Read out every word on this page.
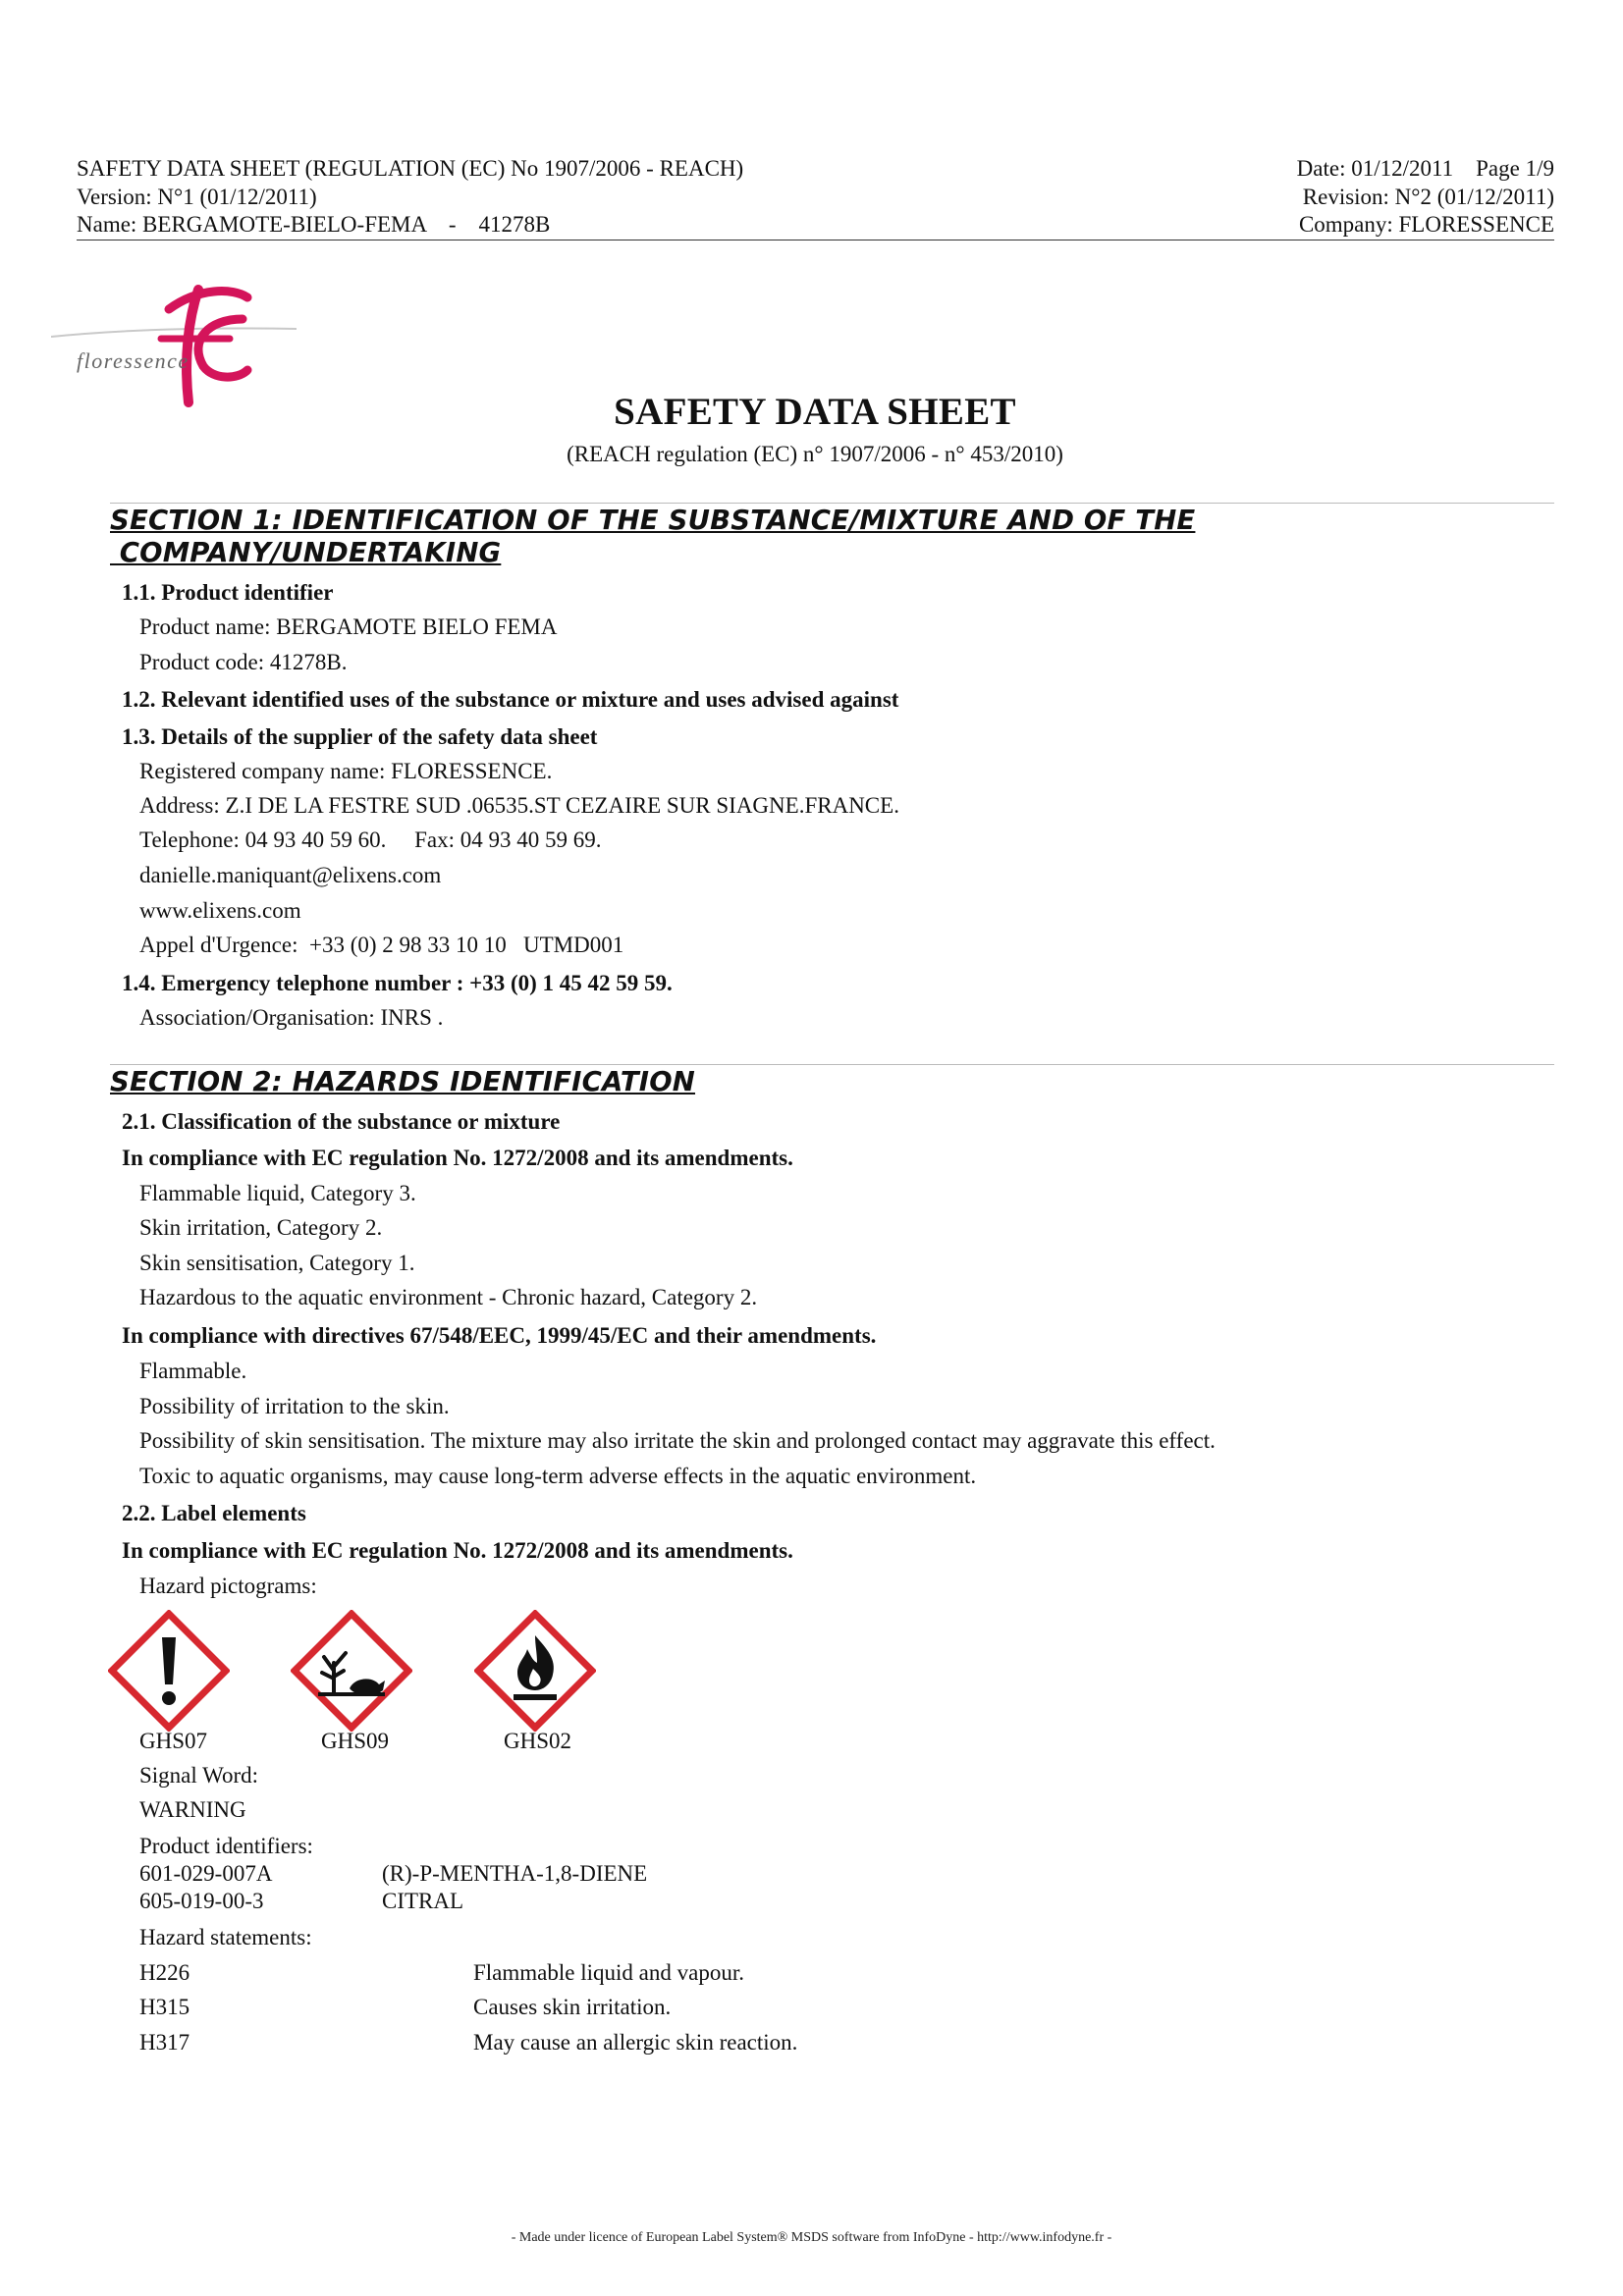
SAFETY DATA SHEET (REGULATION (EC) No 1907/2006 - REACH)	Date: 01/12/2011    Page 1/9
Version: N°1 (01/12/2011)	Revision: N°2 (01/12/2011)
Name: BERGAMOTE-BIELO-FEMA    -    41278B	Company: FLORESSENCE
floressence
SAFETY DATA SHEET
(REACH regulation (EC) n° 1907/2006 - n° 453/2010)
SECTION 1: IDENTIFICATION OF THE SUBSTANCE/MIXTURE AND OF THE
COMPANY/UNDERTAKING
1.1. Product identifier
Product name: BERGAMOTE BIELO FEMA
Product code: 41278B.
1.2. Relevant identified uses of the substance or mixture and uses advised against
1.3. Details of the supplier of the safety data sheet
Registered company name: FLORESSENCE.
Address: Z.I DE LA FESTRE SUD .06535.ST CEZAIRE SUR SIAGNE.FRANCE.
Telephone: 04 93 40 59 60.     Fax: 04 93 40 59 69.
danielle.maniquant@elixens.com
www.elixens.com
Appel d'Urgence:  +33 (0) 2 98 33 10 10   UTMD001
1.4. Emergency telephone number : +33 (0) 1 45 42 59 59.
Association/Organisation: INRS .
SECTION 2: HAZARDS IDENTIFICATION
2.1. Classification of the substance or mixture
In compliance with EC regulation No. 1272/2008 and its amendments.
Flammable liquid, Category 3.
Skin irritation, Category 2.
Skin sensitisation, Category 1.
Hazardous to the aquatic environment - Chronic hazard, Category 2.
In compliance with directives 67/548/EEC, 1999/45/EC and their amendments.
Flammable.
Possibility of irritation to the skin.
Possibility of skin sensitisation. The mixture may also irritate the skin and prolonged contact may aggravate this effect.
Toxic to aquatic organisms, may cause long-term adverse effects in the aquatic environment.
2.2. Label elements
In compliance with EC regulation No. 1272/2008 and its amendments.
Hazard pictograms:
GHS07	GHS09	GHS02
Signal Word:
WARNING
Product identifiers:
601-029-007A	(R)-P-MENTHA-1,8-DIENE
605-019-00-3	CITRAL
Hazard statements:
H226	Flammable liquid and vapour.
H315	Causes skin irritation.
H317	May cause an allergic skin reaction.
- Made under licence of European Label System® MSDS software from InfoDyne - http://www.infodyne.fr -
